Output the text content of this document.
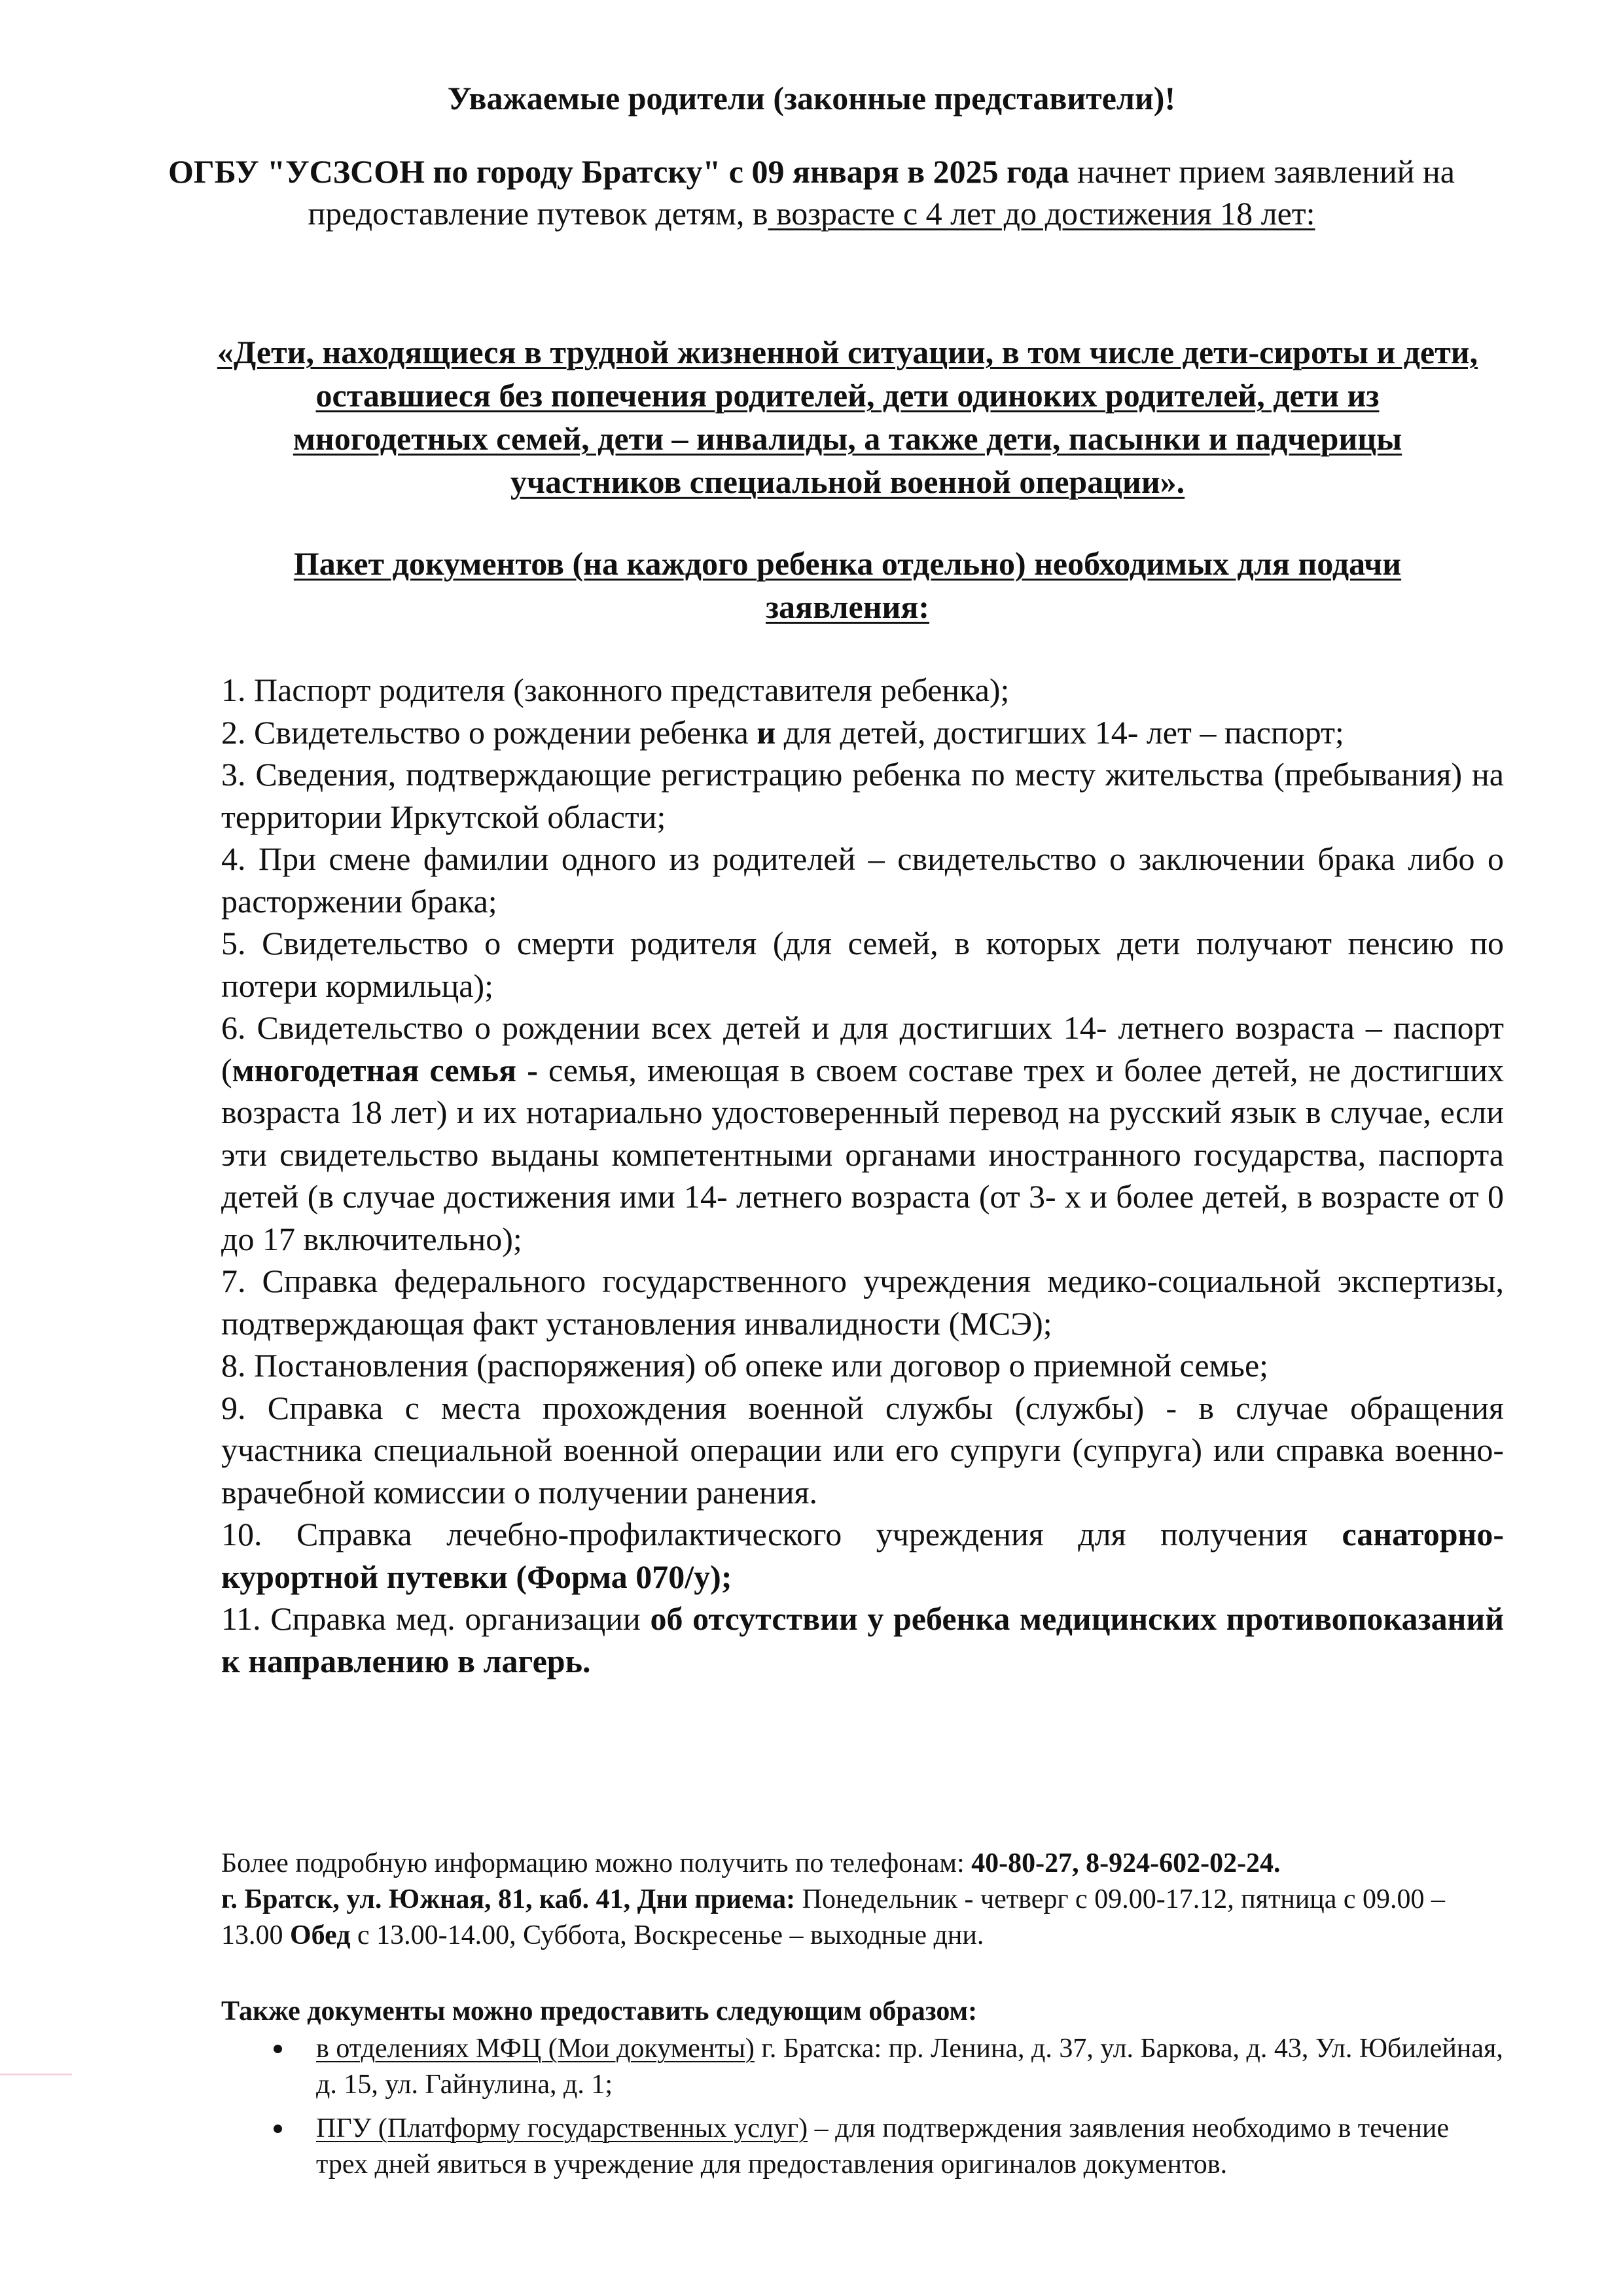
Уважаемые родители (законные представители)!
ОГБУ "УСЗСОН по городу Братску" с 09 января в 2025 года начнет прием заявлений на предоставление путевок детям, в возрасте с 4 лет до достижения 18 лет:
«Дети, находящиеся в трудной жизненной ситуации, в том числе дети-сироты и дети, оставшиеся без попечения родителей, дети одиноких родителей, дети из многодетных семей, дети – инвалиды, а также дети, пасынки и падчерицы участников специальной военной операции».
Пакет документов (на каждого ребенка отдельно) необходимых для подачи заявления:
1. Паспорт родителя (законного представителя ребенка);
2. Свидетельство о рождении ребенка и для детей, достигших 14- лет – паспорт;
3. Сведения, подтверждающие регистрацию ребенка по месту жительства (пребывания) на территории Иркутской области;
4. При смене фамилии одного из родителей – свидетельство о заключении брака либо о расторжении брака;
5. Свидетельство о смерти родителя (для семей, в которых дети получают пенсию по потери кормильца);
6. Свидетельство о рождении всех детей и для достигших 14- летнего возраста – паспорт (многодетная семья - семья, имеющая в своем составе трех и более детей, не достигших возраста 18 лет) и их нотариально удостоверенный перевод на русский язык в случае, если эти свидетельство выданы компетентными органами иностранного государства, паспорта детей (в случае достижения ими 14- летнего возраста (от 3- х и более детей, в возрасте от 0 до 17 включительно);
7. Справка федерального государственного учреждения медико-социальной экспертизы, подтверждающая факт установления инвалидности (МСЭ);
8. Постановления (распоряжения) об опеке или договор о приемной семье;
9. Справка с места прохождения военной службы (службы) - в случае обращения участника специальной военной операции или его супруги (супруга) или справка военно-врачебной комиссии о получении ранения.
10. Справка лечебно-профилактического учреждения для получения санаторно-курортной путевки (Форма 070/у);
11. Справка мед. организации об отсутствии у ребенка медицинских противопоказаний к направлению в лагерь.
Более подробную информацию можно получить по телефонам: 40-80-27, 8-924-602-02-24.
г. Братск, ул. Южная, 81, каб. 41, Дни приема: Понедельник - четверг с 09.00-17.12, пятница с 09.00 – 13.00 Обед с 13.00-14.00, Суббота, Воскресенье – выходные дни.
Также документы можно предоставить следующим образом:
в отделениях МФЦ (Мои документы) г. Братска: пр. Ленина, д. 37, ул. Баркова, д. 43, Ул. Юбилейная, д. 15, ул. Гайнулина, д. 1;
ПГУ (Платформу государственных услуг) – для подтверждения заявления необходимо в течение трех дней явиться в учреждение для предоставления оригиналов документов.
